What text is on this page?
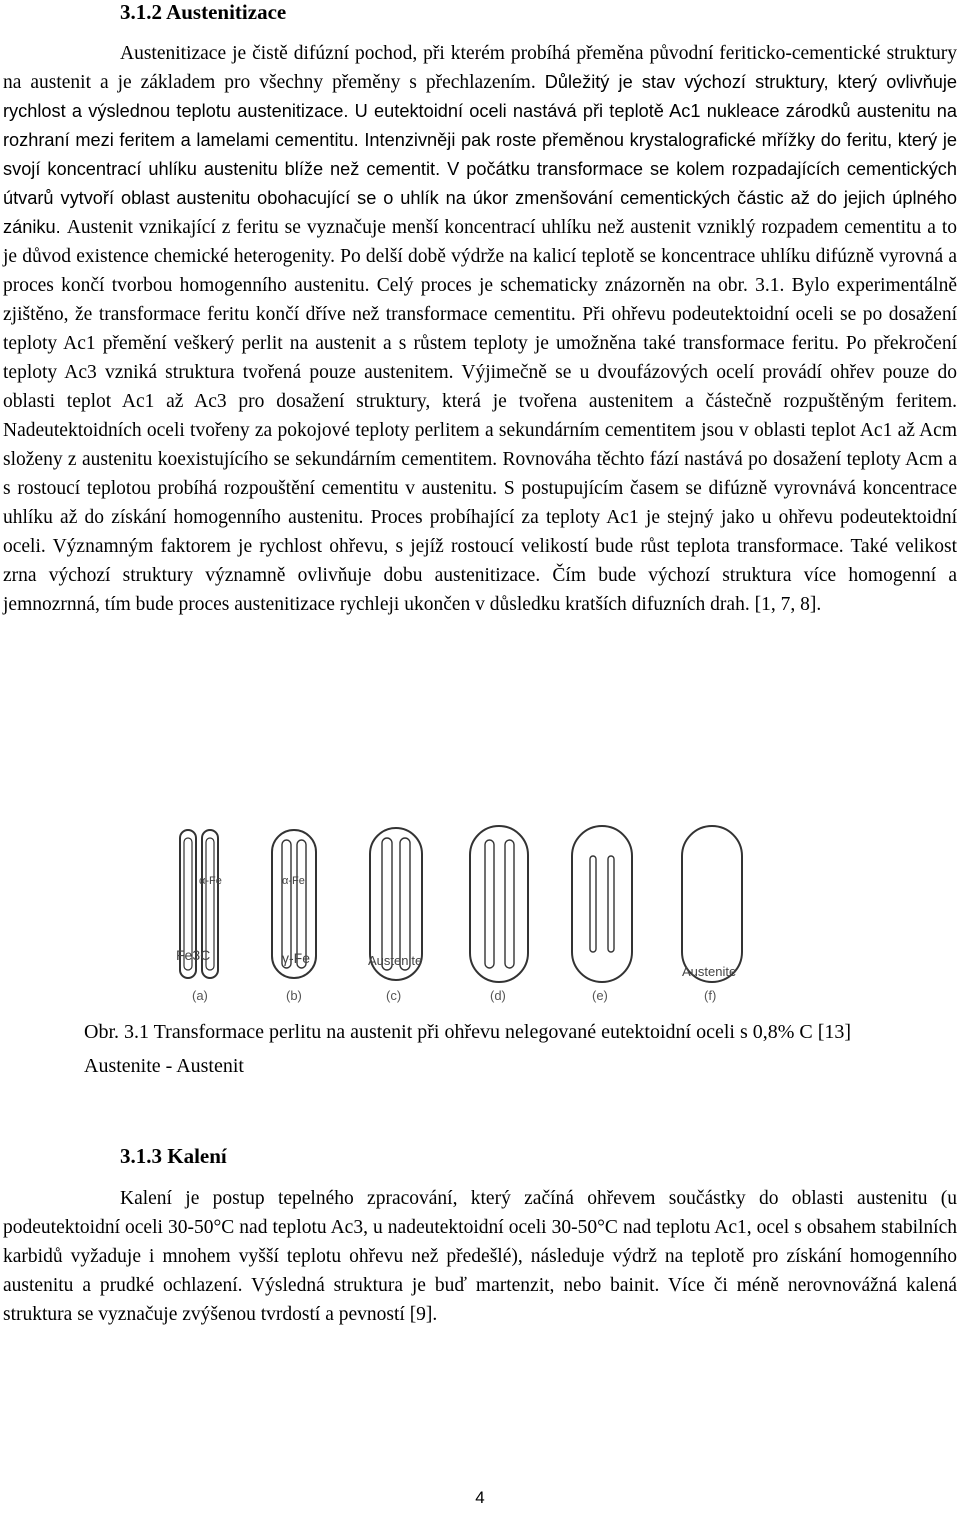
3.1.2 Austenitizace

Austenitizace je čistě difúzní pochod, při kterém probíhá přeměna původní feriticko-cementické struktury na austenit a je základem pro všechny přeměny s přechlazením. Důležitý je stav výchozí struktury, který ovlivňuje rychlost a výslednou teplotu austenitizace. U eutektoidní oceli nastává při teplotě Ac1 nukleace zárodků austenitu na rozhraní mezi feritem a lamelami cementitu. Intenzivněji pak roste přeměnou krystalografické mřížky do feritu, který je svojí koncentrací uhlíku austenitu blíže než cementit. V počátku transformace se kolem rozpadajících cementických útvarů vytvoří oblast austenitu obohacující se o uhlík na úkor zmenšování cementických částic až do jejich úplného zániku. Austenit vznikající z feritu se vyznačuje menší koncentrací uhlíku než austenit vzniklý rozpadem cementitu a to je důvod existence chemické heterogenity. Po delší době výdrže na kalicí teplotě se koncentrace uhlíku difúzně vyrovná a proces končí tvorbou homogenního austenitu. Celý proces je schematicky znázorněn na obr. 3.1. Bylo experimentálně zjištěno, že transformace feritu končí dříve než transformace cementitu. Při ohřevu podeutektoidní oceli se po dosažení teploty Ac1 přemění veškerý perlit na austenit a s růstem teploty je umožněna také transformace feritu. Po překročení teploty Ac3 vzniká struktura tvořená pouze austenitem. Výjimečně se u dvoufázových ocelí provádí ohřev pouze do oblasti teplot Ac1 až Ac3 pro dosažení struktury, která je tvořena austenitem a částečně rozpuštěným feritem. Nadeutektoidních oceli tvořeny za pokojové teploty perlitem a sekundárním cementitem jsou v oblasti teplot Ac1 až Acm složeny z austenitu koexistujícího se sekundárním cementitem. Rovnováha těchto fází nastává po dosažení teploty Acm a s rostoucí teplotou probíhá rozpouštění cementitu v austenitu. S postupujícím časem se difúzně vyrovnává koncentrace uhlíku až do získání homogenního austenitu. Proces probíhající za teploty Ac1 je stejný jako u ohřevu podeutektoidní oceli. Významným faktorem je rychlost ohřevu, s jejíž rostoucí velikostí bude růst teplota transformace. Také velikost zrna výchozí struktury významně ovlivňuje dobu austenitizace. Čím bude výchozí struktura více homogenní a jemnozrnná, tím bude proces austenitizace rychleji ukončen v důsledku kratších difuzních drah. [1, 7, 8].

α-Fe	α-Fe
Fe3C	γ-Fe	Austenite
Austenite
(a)	(b)	(c)	(d)	(e)	(f)

Obr. 3.1 Transformace perlitu na austenit při ohřevu nelegované eutektoidní oceli s 0,8% C [13] Austenite - Austenit

3.1.3 Kalení

Kalení je postup tepelného zpracování, který začíná ohřevem součástky do oblasti austenitu (u podeutektoidní oceli 30-50°C nad teplotu Ac3, u nadeutektoidní oceli 30-50°C nad teplotu Ac1, ocel s obsahem stabilních karbidů vyžaduje i mnohem vyšší teplotu ohřevu než předešlé), následuje výdrž na teplotě pro získání homogenního austenitu a prudké ochlazení. Výsledná struktura je buď martenzit, nebo bainit. Více či méně nerovnovážná kalená struktura se vyznačuje zvýšenou tvrdostí a pevností [9].

4
